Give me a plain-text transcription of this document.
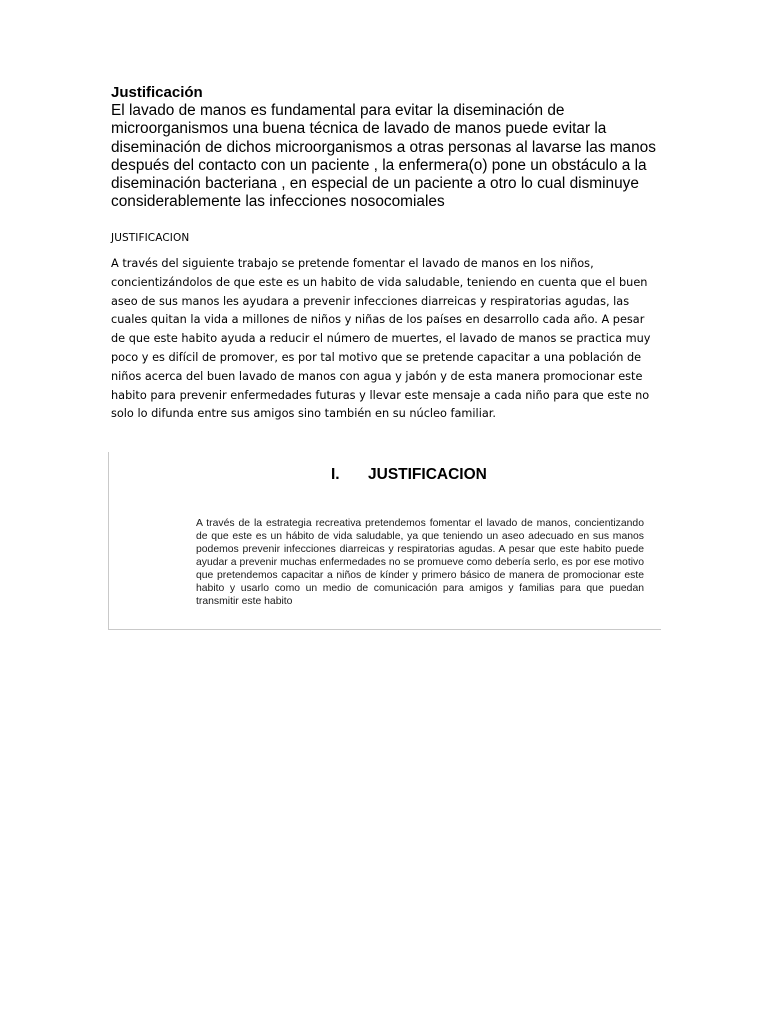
Justificación
El lavado de manos es fundamental para evitar la diseminación de microorganismos una buena técnica de lavado de manos puede evitar la diseminación de dichos microorganismos a otras personas al lavarse las manos después del contacto con un paciente , la enfermera(o) pone un obstáculo a la diseminación bacteriana , en especial de un paciente a otro lo cual disminuye considerablemente las infecciones nosocomiales
JUSTIFICACION
A través del siguiente trabajo se pretende fomentar el lavado de manos en los niños, concientizándolos de que este es un habito de vida saludable, teniendo en cuenta que el buen aseo de sus manos les ayudara a prevenir infecciones diarreicas y respiratorias agudas, las cuales quitan la vida a millones de niños y niñas de los países en desarrollo cada año. A pesar de que este habito ayuda a reducir el número de muertes, el lavado de manos se practica muy poco y es difícil de promover, es por tal motivo que se pretende capacitar a una población de niños acerca del buen lavado de manos con agua y jabón y de esta manera promocionar este habito para prevenir enfermedades futuras y llevar este mensaje a cada niño para que este no solo lo difunda entre sus amigos sino también en su núcleo familiar.
I. JUSTIFICACION
A través de la estrategia recreativa pretendemos fomentar el lavado de manos, concientizando de que este es un hábito de vida saludable, ya que teniendo un aseo adecuado en sus manos podemos prevenir infecciones diarreicas y respiratorias agudas. A pesar que este habito puede ayudar a prevenir muchas enfermedades no se promueve como debería serlo, es por ese motivo que pretendemos capacitar a niños de kínder y primero básico de manera de promocionar este habito y usarlo como un medio de comunicación para amigos y familias para que puedan transmitir este habito
